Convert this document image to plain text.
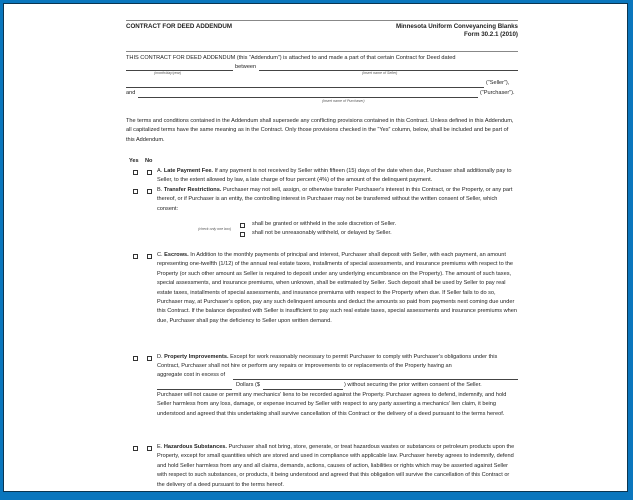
CONTRACT FOR DEED ADDENDUM	Minnesota Uniform Conveyancing Blanks
Form 30.2.1 (2010)
THIS CONTRACT FOR DEED ADDENDUM (this “Addendum”) is attached to and made a part of that certain Contract for Deed dated
between
(month/day/year)	(insert name of Seller)
(“Seller”),
and	(“Purchaser”).
(insert name of Purchaser)
The terms and conditions contained in the Addendum shall supersede any conflicting provisions contained in this Contract. Unless defined in this Addendum, all capitalized terms have the same meaning as in the Contract. Only those provisions checked in the “Yes” column, below, shall be included and be part of this Addendum.
Yes No
A. Late Payment Fee. If any payment is not received by Seller within fifteen (15) days of the date when due, Purchaser shall additionally pay to Seller, to the extent allowed by law, a late charge of four percent (4%) of the amount of the delinquent payment.
B. Transfer Restrictions. Purchaser may not sell, assign, or otherwise transfer Purchaser's interest in this Contract, or the Property, or any part thereof, or if Purchaser is an entity, the controlling interest in Purchaser may not be transferred without the written consent of Seller, which consent:
(check only one box)
shall be granted or withheld in the sole discretion of Seller.
shall not be unreasonably withheld, or delayed by Seller.
C. Escrows. In Addition to the monthly payments of principal and interest, Purchaser shall deposit with Seller, with each payment, an amount representing one-twelfth (1/12) of the annual real estate taxes, installments of special assessments, and insurance premiums with respect to the Property (or such other amount as Seller is required to deposit under any underlying encumbrance on the Property). The amount of such taxes, special assessments, and insurance premiums, when unknown, shall be estimated by Seller. Such deposit shall be used by Seller to pay real estate taxes, installments of special assessments, and insurance premiums with respect to the Property when due. If Seller fails to do so, Purchaser may, at Purchaser's option, pay any such delinquent amounts and deduct the amounts so paid from payments next coming due under this Contract. If the balance deposited with Seller is insufficient to pay such real estate taxes, special assessments and insurance premiums when due, Purchaser shall pay the deficiency to Seller upon written demand.
D. Property Improvements. Except for work reasonably necessary to permit Purchaser to comply with Purchaser's obligations under this Contract, Purchaser shall not hire or perform any repairs or improvements to or replacements of the Property having an
aggregate cost in excess of
Dollars ($	) without securing the prior written consent of the Seller.
Purchaser will not cause or permit any mechanics' liens to be recorded against the Property. Purchaser agrees to defend, indemnify, and hold Seller harmless from any loss, damage, or expense incurred by Seller with respect to any party asserting a mechanics' lien claim, it being understood and agreed that this undertaking shall survive cancellation of this Contract or the delivery of a deed pursuant to the terms hereof.
E. Hazardous Substances. Purchaser shall not bring, store, generate, or treat hazardous wastes or substances or petroleum products upon the Property, except for small quantities which are stored and used in compliance with applicable law. Purchaser hereby agrees to indemnify, defend and hold Seller harmless from any and all claims, demands, actions, causes of action, liabilities or rights which may be asserted against Seller with respect to such substances, or products, it being understood and agreed that this obligation will survive the cancellation of this Contract or the delivery of a deed pursuant to the terms hereof.
